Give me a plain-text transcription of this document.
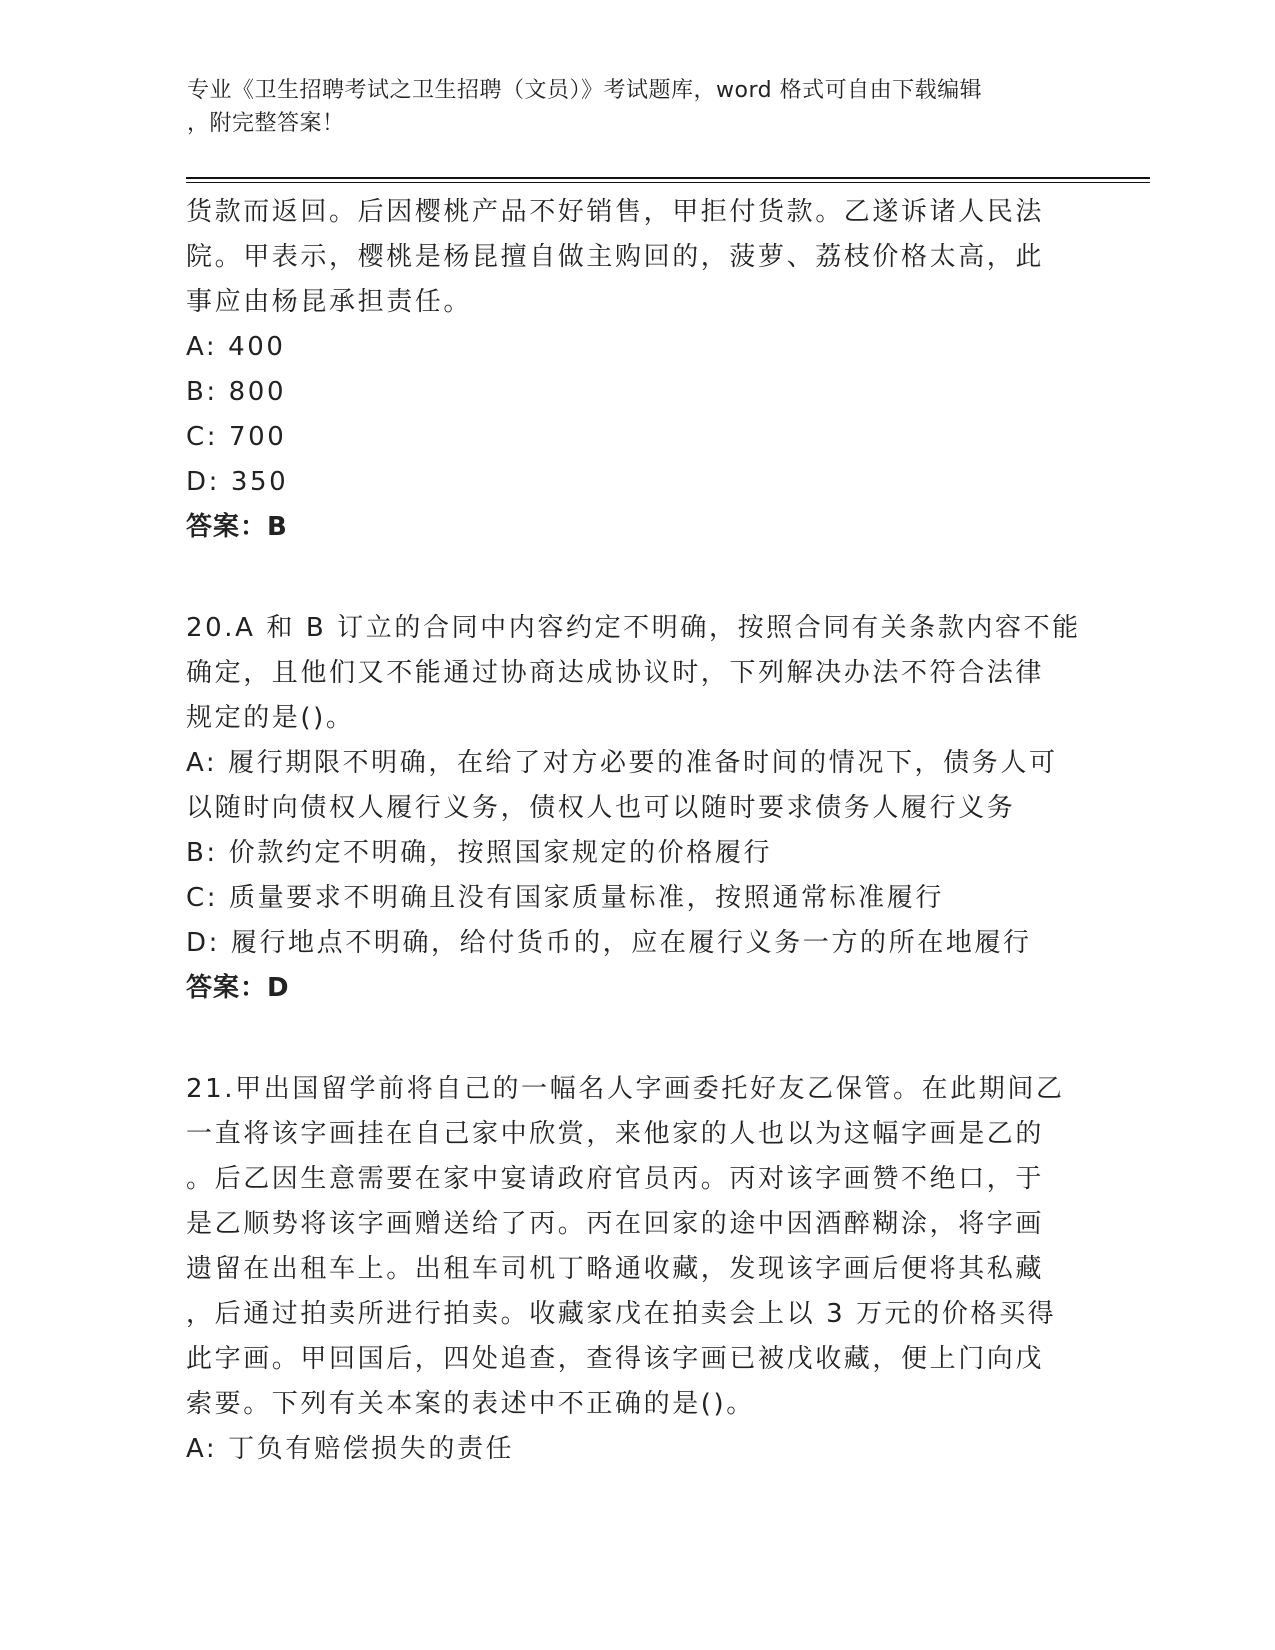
专业《卫生招聘考试之卫生招聘（文员）》考试题库，word 格式可自由下载编辑
，附完整答案！
货款而返回。后因樱桃产品不好销售，甲拒付货款。乙遂诉诸人民法
院。甲表示，樱桃是杨昆擅自做主购回的，菠萝、荔枝价格太高，此
事应由杨昆承担责任。
A: 400
B: 800
C: 700
D: 350
答案：B
20.A 和 B 订立的合同中内容约定不明确，按照合同有关条款内容不能
确定，且他们又不能通过协商达成协议时，下列解决办法不符合法律
规定的是()。
A: 履行期限不明确，在给了对方必要的准备时间的情况下，债务人可
以随时向债权人履行义务，债权人也可以随时要求债务人履行义务
B: 价款约定不明确，按照国家规定的价格履行
C: 质量要求不明确且没有国家质量标准，按照通常标准履行
D: 履行地点不明确，给付货币的，应在履行义务一方的所在地履行
答案：D
21.甲出国留学前将自己的一幅名人字画委托好友乙保管。在此期间乙
一直将该字画挂在自己家中欣赏，来他家的人也以为这幅字画是乙的
。后乙因生意需要在家中宴请政府官员丙。丙对该字画赞不绝口，于
是乙顺势将该字画赠送给了丙。丙在回家的途中因酒醉糊涂，将字画
遗留在出租车上。出租车司机丁略通收藏，发现该字画后便将其私藏
，后通过拍卖所进行拍卖。收藏家戊在拍卖会上以 3 万元的价格买得
此字画。甲回国后，四处追查，查得该字画已被戊收藏，便上门向戊
索要。下列有关本案的表述中不正确的是()。
A: 丁负有赔偿损失的责任
